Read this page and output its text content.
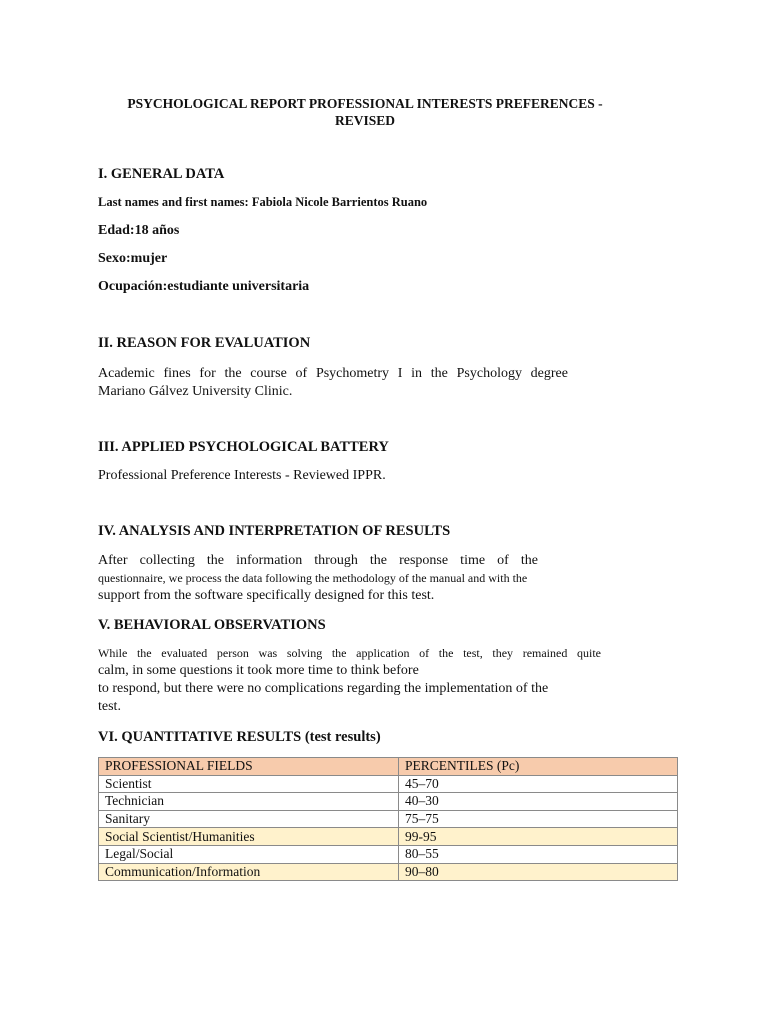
PSYCHOLOGICAL REPORT PROFESSIONAL INTERESTS PREFERENCES -
REVISED
I. GENERAL DATA
Last names and first names: Fabiola Nicole Barrientos Ruano
Edad:18 años
Sexo:mujer
Ocupación:estudiante universitaria
II. REASON FOR EVALUATION
Academic fines for the course of Psychometry I in the Psychology degree
Mariano Gálvez University Clinic.
III. APPLIED PSYCHOLOGICAL BATTERY
Professional Preference Interests - Reviewed IPPR.
IV. ANALYSIS AND INTERPRETATION OF RESULTS
After collecting the information through the response time of the
questionnaire, we process the data following the methodology of the manual and with the
support from the software specifically designed for this test.
V. BEHAVIORAL OBSERVATIONS
While the evaluated person was solving the application of the test, they remained quite
calm, in some questions it took more time to think before
to respond, but there were no complications regarding the implementation of the
test.
VI. QUANTITATIVE RESULTS (test results)
PROFESSIONAL FIELDS	PERCENTILES (Pc)
Scientist	45–70
Technician	40–30
Sanitary	75–75
Social Scientist/Humanities	99-95
Legal/Social	80–55
Communication/Information	90–80
